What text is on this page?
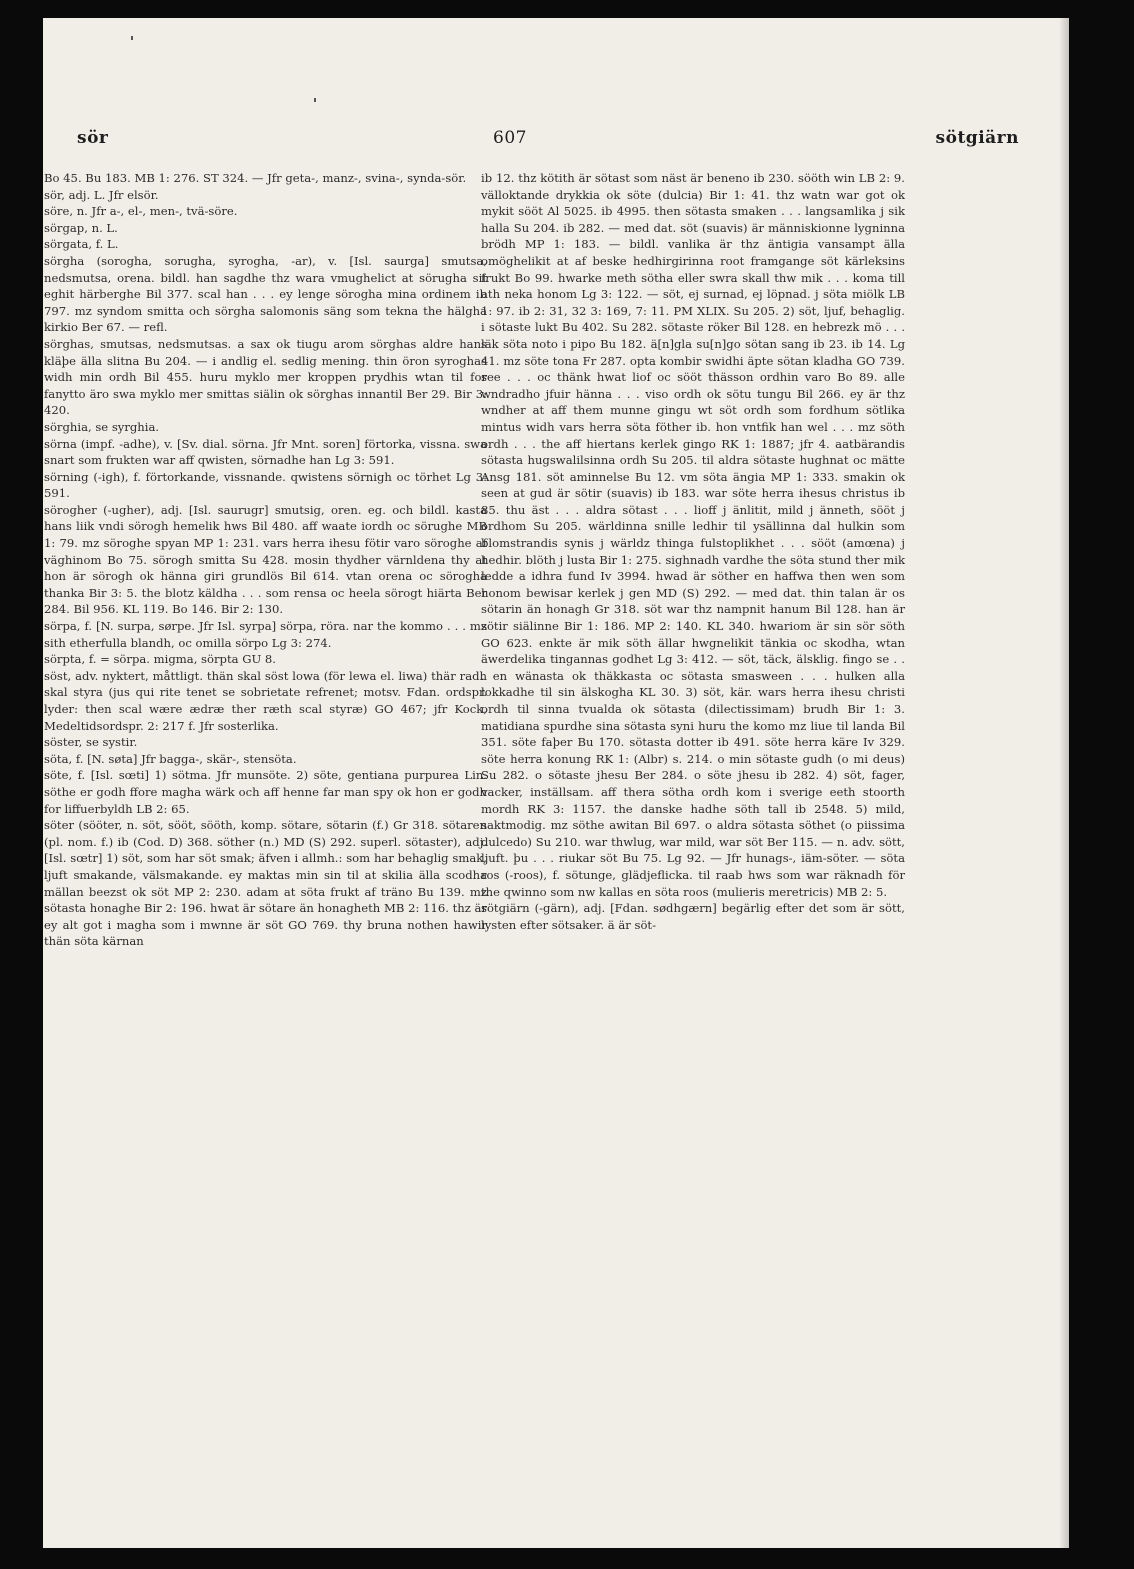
sör	607	sötgiärn

Bo 45. Bu 183. MB 1: 276. ST 324. — Jfr geta-, manz-, svina-, synda-sör.

sör, adj. L. Jfr elsör.

söre, n. Jfr a-, el-, men-, tvä-söre.

sörgap, n. L.

sörgata, f. L.

sörgha (sorogha, sorugha, syrogha, -ar), v. [Isl. saurga] smutsa, nedsmutsa, orena. bildl. han sagdhe thz wara vmughelict at sörugha sit eghit härberghe Bil 377. scal han . . . ey lenge sörogha mina ordinem ib 797. mz syndom smitta och sörgha salomonis säng som tekna the hälgha kirkio Ber 67. — refl.

sörghas, smutsas, nedsmutsas. a sax ok tiugu arom sörghas aldre hans kläþe älla slitna Bu 204. — i andlig el. sedlig mening. thin öron syroghas widh min ordh Bil 455. huru myklo mer kroppen prydhis wtan til for fanytto äro swa myklo mer smittas siälin ok sörghas innantil Ber 29. Bir 3: 420.

sörghia, se syrghia.

sörna (impf. -adhe), v. [Sv. dial. sörna. Jfr Mnt. soren] förtorka, vissna. swa snart som frukten war aff qwisten, sörnadhe han Lg 3: 591.

sörning (-igh), f. förtorkande, vissnande. qwistens sörnigh oc törhet Lg 3: 591.

sörogher (-ugher), adj. [Isl. saurugr] smutsig, oren. eg. och bildl. kasta hans liik vndi sörogh hemelik hws Bil 480. aff waate iordh oc sörughe MB 1: 79. mz söroghe spyan MP 1: 231. vars herra ihesu fötir varo söroghe af väghinom Bo 75. sörogh smitta Su 428. mosin thydher värnldena thy at hon är sörogh ok hänna giri grundlös Bil 614. vtan orena oc sörogha thanka Bir 3: 5. the blotz käldha . . . som rensa oc heela sörogt hiärta Ber 284. Bil 956. KL 119. Bo 146. Bir 2: 130.

sörpa, f. [N. surpa, sørpe. Jfr Isl. syrpa] sörpa, röra. nar the kommo . . . mz sith etherfulla blandh, oc omilla sörpo Lg 3: 274.

sörpta, f. = sörpa. migma, sörpta GU 8.

söst, adv. nyktert, måttligt. thän skal söst lowa (för lewa el. liwa) thär radh skal styra (jus qui rite tenet se sobrietate refrenet; motsv. Fdan. ordspr. lyder: then scal wære ædræ ther ræth scal styræ) GO 467; jfr Kock, Medeltidsordspr. 2: 217 f. Jfr sosterlika.

söster, se systir.

söta, f. [N. søta] Jfr bagga-, skär-, stensöta.

söte, f. [Isl. sœti] 1) sötma. Jfr munsöte. 2) söte, gentiana purpurea Lin. söthe er godh ffore magha wärk och aff henne far man spy ok hon er godh for liffuerbyldh LB 2: 65.

söter (sööter, n. söt, sööt, sööth, komp. sötare, sötarin (f.) Gr 318. sötaren (pl. nom. f.) ib (Cod. D) 368. söther (n.) MD (S) 292. superl. sötaster), adj. [Isl. sœtr] 1) söt, som har söt smak; äfven i allmh.: som har behaglig smak, ljuft smakande, välsmakande. ey maktas min sin til at skilia älla scodha mällan beezst ok söt MP 2: 230. adam at söta frukt af träno Bu 139. mz sötasta honaghe Bir 2: 196. hwat är sötare än honagheth MB 2: 116. thz är ey alt got i magha som i mwnne är söt GO 769. thy bruna nothen hawir thän söta kärnan

ib 12. thz kötith är sötast som näst är beneno ib 230. sööth win LB 2: 9. välloktande drykkia ok söte (dulcia) Bir 1: 41. thz watn war got ok mykit sööt Al 5025. ib 4995. then sötasta smaken . . . langsamlika j sik halla Su 204. ib 282. — med dat. söt (suavis) är människionne lygninna brödh MP 1: 183. — bildl. vanlika är thz äntigia vansampt älla omöghelikit at af beske hedhirgirinna root framgange söt kärleksins frukt Bo 99. hwarke meth sötha eller swra skall thw mik . . . koma till ath neka honom Lg 3: 122. — söt, ej surnad, ej löpnad. j söta miölk LB 1: 97. ib 2: 31, 32 3: 169, 7: 11. PM XLIX. Su 205. 2) söt, ljuf, behaglig. i sötaste lukt Bu 402. Su 282. sötaste röker Bil 128. en hebrezk mö . . . läk söta noto i pipo Bu 182. ä[n]gla su[n]go sötan sang ib 23. ib 14. Lg 41. mz söte tona Fr 287. opta kombir swidhi äpte sötan kladha GO 739. see . . . oc thänk hwat liof oc sööt thässon ordhin varo Bo 89. alle wndradho jfuir hänna . . . viso ordh ok sötu tungu Bil 266. ey är thz wndher at aff them munne gingu wt söt ordh som fordhum sötlika mintus widh vars herra söta föther ib. hon vntfik han wel . . . mz söth ordh . . . the aff hiertans kerlek gingo RK 1: 1887; jfr 4. aatbärandis sötasta hugswalilsinna ordh Su 205. til aldra sötaste hughnat oc mätte Ansg 181. söt aminnelse Bu 12. vm söta ängia MP 1: 333. smakin ok seen at gud är sötir (suavis) ib 183. war söte herra ihesus christus ib 85. thu äst . . . aldra sötast . . . lioff j änlitit, mild j änneth, sööt j ordhom Su 205. wärldinna snille ledhir til ysällinna dal hulkin som blomstrandis synis j wärldz thinga fulstoplikhet . . . sööt (amœna) j hedhir. blöth j lusta Bir 1: 275. sighnadh vardhe the söta stund ther mik ledde a idhra fund Iv 3994. hwad är söther en haffwa then wen som honom bewisar kerlek j gen MD (S) 292. — med dat. thin talan är os sötarin än honagh Gr 318. söt war thz nampnit hanum Bil 128. han är sötir siälinne Bir 1: 186. MP 2: 140. KL 340. hwariom är sin sör söth GO 623. enkte är mik söth ällar hwgnelikit tänkia oc skodha, wtan äwerdelika tingannas godhet Lg 3: 412. — söt, täck, älsklig. fingo se . . . en wänasta ok thäkkasta oc sötasta smasween . . . hulken alla lokkadhe til sin älskogha KL 30. 3) söt, kär. wars herra ihesu christi ordh til sinna tvualda ok sötasta (dilectissimam) brudh Bir 1: 3. matidiana spurdhe sina sötasta syni huru the komo mz liue til landa Bil 351. söte faþer Bu 170. sötasta dotter ib 491. söte herra käre Iv 329. söte herra konung RK 1: (Albr) s. 214. o min sötaste gudh (o mi deus) Su 282. o sötaste jhesu Ber 284. o söte jhesu ib 282. 4) söt, fager, vacker, inställsam. aff thera sötha ordh kom i sverige eeth stoorth mordh RK 3: 1157. the danske hadhe söth tall ib 2548. 5) mild, saktmodig. mz söthe awitan Bil 697. o aldra sötasta söthet (o piissima dulcedo) Su 210. war thwlug, war mild, war söt Ber 115. — n. adv. sött, ljuft. þu . . . riukar söt Bu 75. Lg 92. — Jfr hunags-, iäm-söter. — söta ros (-roos), f. sötunge, glädjeflicka. til raab hws som war räknadh för the qwinno som nw kallas en söta roos (mulieris meretricis) MB 2: 5.

sötgiärn (-gärn), adj. [Fdan. sødhgærn] begärlig efter det som är sött, lysten efter sötsaker. ä är söt-
